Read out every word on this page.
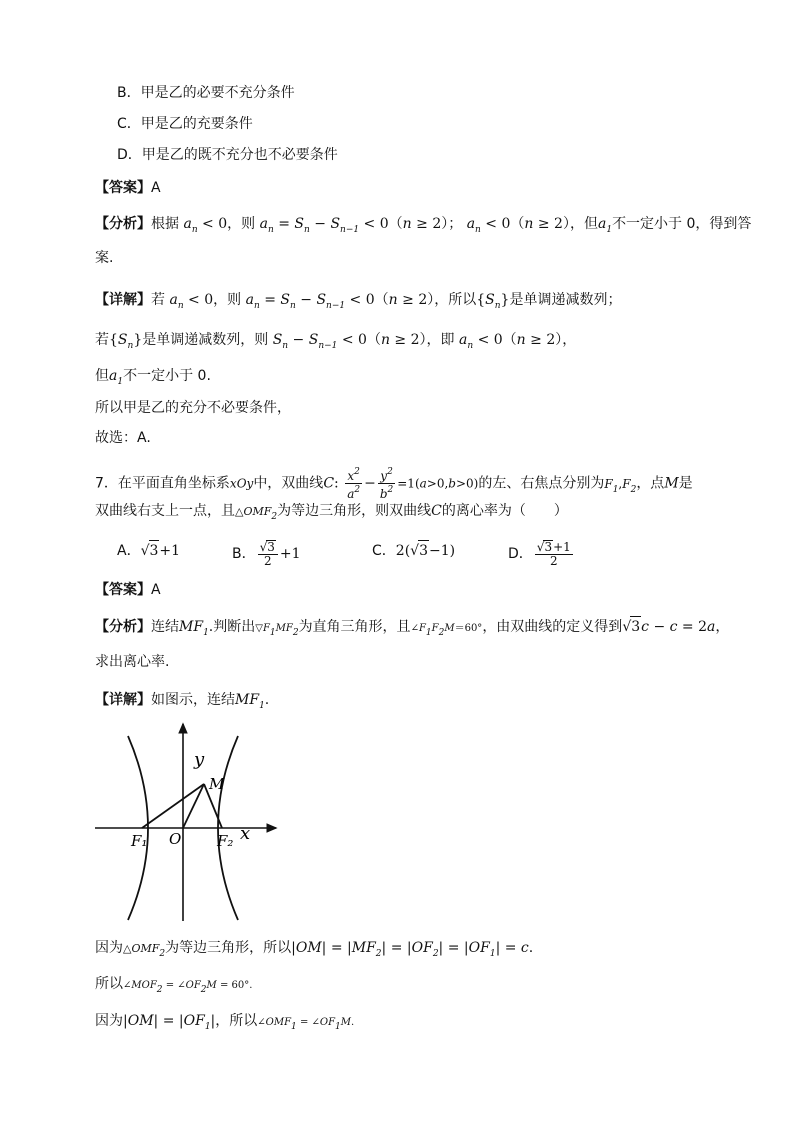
B．甲是乙的必要不充分条件
C．甲是乙的充要条件
D．甲是乙的既不充分也不必要条件
【答案】A
【分析】根据 $a_n < 0$，则 $a_n = S_n - S_{n-1} < 0(n \ge 2)$； $a_n < 0(n \ge 2)$，但$a_1$不一定小于 0，得到答
案.
【详解】若 $a_n < 0$，则 $a_n = S_n - S_{n-1} < 0(n \ge 2)$，所以$\{S_n\}$是单调递减数列；
若$\{S_n\}$是单调递减数列，则 $S_n - S_{n-1} < 0(n \ge 2)$，即 $a_n < 0(n \ge 2)$，
但$a_1$不一定小于 0.
所以甲是乙的充分不必要条件，
故选：A.
7．在平面直角坐标系xOy中，双曲线C: $\frac{x^2}{a^2} - \frac{y^2}{b^2} =1(a>0,b>0)$的左、右焦点分别为$F_1,F_2$，点M是
双曲线右支上一点，且$\triangle OMF_2$为等边三角形，则双曲线C的离心率为（　　）
A．√3+1	B． $\frac{√3}{2} +1$	C．2(√3−1)	D． $\frac{√3+1}{2}$
【答案】A
【分析】连结$MF_1$.判断出▽F1MF2为直角三角形，且∠F1F2M＝60°，由双曲线的定义得到√3c − c = 2a，
求出离心率.
【详解】如图示，连结$MF_1$.
y
x
M
O
F₁	F₂
因为$\triangle OMF_2$为等边三角形，所以$|OM| = |MF_2| = |OF_2| = |OF_1| = c$.
所以∠MOF2 = ∠OF2M = 60°.
因为$|OM| = |OF_1|$，所以∠OMF1 = ∠OF1M.
